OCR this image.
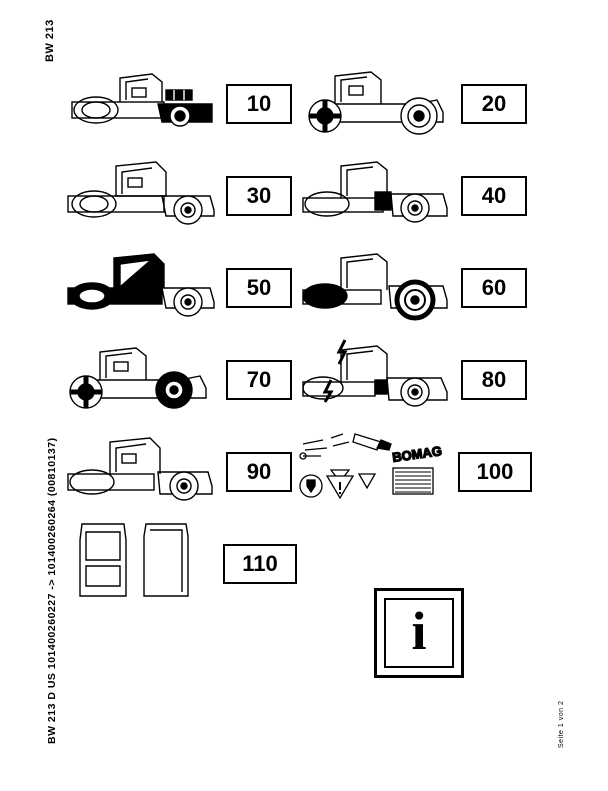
BW 213
BW 213 D US 101400260227 -> 101400260264 (00810137)	Seite 1 von 2
10	20
30	40
50	60
70	80
90
BOMAG
100
110
i
